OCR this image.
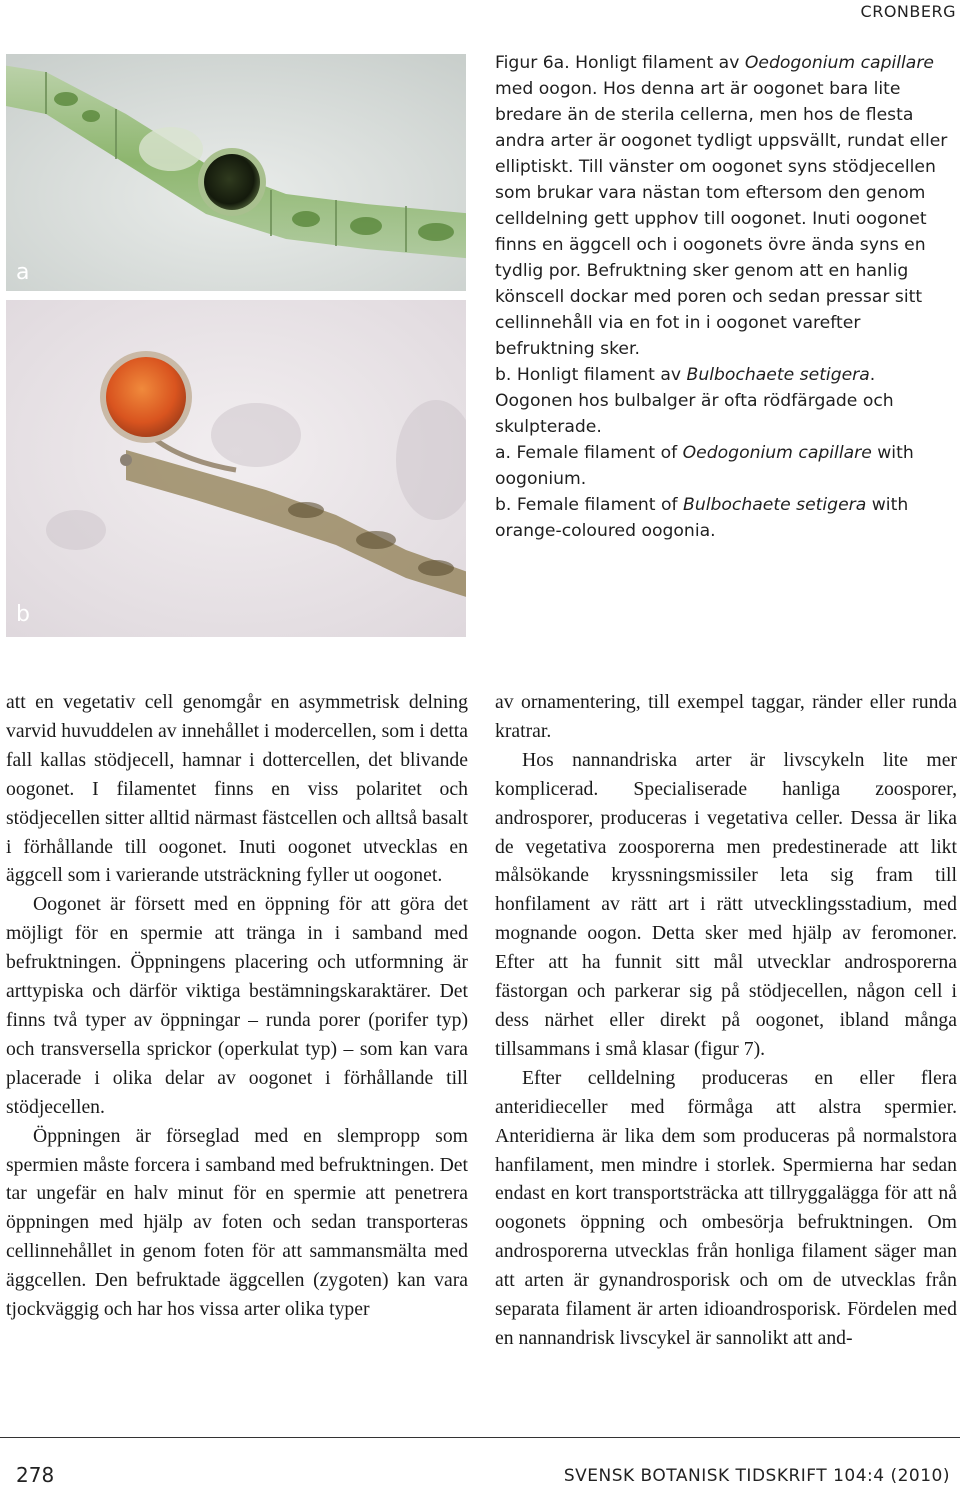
CRONBERG
a
b

Figur 6a. Honligt filament av Oedogonium capillare med oogon. Hos denna art är oogonet bara lite bredare än de sterila cellerna, men hos de flesta andra arter är oogonet tydligt uppsvällt, rundat eller elliptiskt. Till vänster om oogonet syns stödjecellen som brukar vara nästan tom eftersom den genom celldelning gett upphov till oogonet. Inuti oogonet finns en äggcell och i oogonets övre ända syns en tydlig por. Befruktning sker genom att en hanlig könscell dockar med poren och sedan pressar sitt cellinnehåll via en fot in i oogonet varefter befruktning sker.

b. Honligt filament av Bulbochaete setigera. Oogonen hos bulbalger är ofta rödfärgade och skulpterade.

a. Female filament of Oedogonium capillare with oogonium.

b. Female filament of Bulbochaete setigera with orange-coloured oogonia.

att en vegetativ cell genomgår en asymmetrisk delning varvid huvuddelen av innehållet i modercellen, som i detta fall kallas stödjecell, hamnar i dottercellen, det blivande oogonet. I filamentet finns en viss polaritet och stödjecellen sitter alltid närmast fästcellen och alltså basalt i förhållande till oogonet. Inuti oogonet utvecklas en äggcell som i varierande utsträckning fyller ut oogonet.

Oogonet är försett med en öppning för att göra det möjligt för en spermie att tränga in i samband med befruktningen. Öppningens placering och utformning är arttypiska och därför viktiga bestämningskaraktärer. Det finns två typer av öppningar – runda porer (porifer typ) och transversella sprickor (operkulat typ) – som kan vara placerade i olika delar av oogonet i förhållande till stödjecellen.

Öppningen är förseglad med en slempropp som spermien måste forcera i samband med befruktningen. Det tar ungefär en halv minut för en spermie att penetrera öppningen med hjälp av foten och sedan transporteras cellinnehållet in genom foten för att sammansmälta med äggcellen. Den befruktade äggcellen (zygoten) kan vara tjockväggig och har hos vissa arter olika typer

av ornamentering, till exempel taggar, ränder eller runda kratrar.

Hos nannandriska arter är livscykeln lite mer komplicerad. Specialiserade hanliga zoosporer, androsporer, produceras i vegetativa celler. Dessa är lika de vegetativa zoosporerna men predestinerade att likt målsökande kryssningsmissiler leta sig fram till honfilament av rätt art i rätt utvecklingsstadium, med mognande oogon. Detta sker med hjälp av feromoner. Efter att ha funnit sitt mål utvecklar androsporerna fästorgan och parkerar sig på stödjecellen, någon cell i dess närhet eller direkt på oogonet, ibland många tillsammans i små klasar (figur 7).

Efter celldelning produceras en eller flera anteridieceller med förmåga att alstra spermier. Anteridierna är lika dem som produceras på normalstora hanfilament, men mindre i storlek. Spermierna har sedan endast en kort transportsträcka att tillryggalägga för att nå oogonets öppning och ombesörja befruktningen. Om androsporerna utvecklas från honliga filament säger man att arten är gynandrosporisk och om de utvecklas från separata filament är arten idioandrosporisk. Fördelen med en nannandrisk livscykel är sannolikt att and-

278	SVENSK BOTANISK TIDSKRIFT 104:4 (2010)
